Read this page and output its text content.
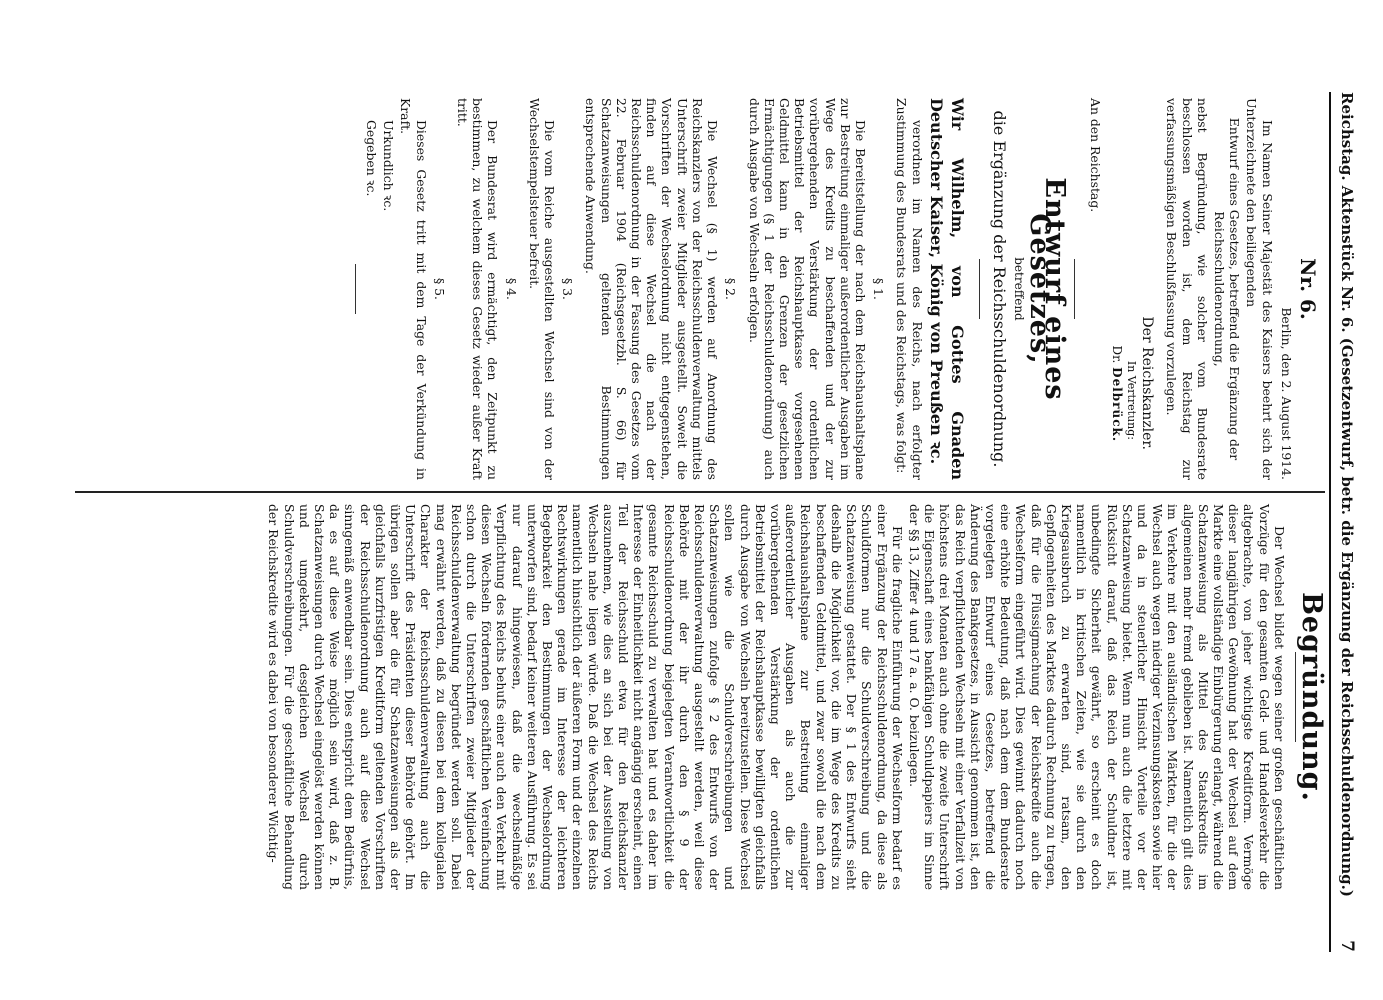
Reichstag. Aktenstück Nr. 6. (Gesetzentwurf, betr. die Ergänzung der Reichsschuldenordnung.)
7
Nr. 6.
Berlin, den 2. August 1914.

Im Namen Seiner Majestät des Kaisers beehrt sich der Unterzeichnete den beiliegenden

Entwurf eines Gesetzes, betreffend die Ergänzung der Reichsschuldenordnung,

nebst Begründung, wie solcher vom Bundesrate beschlossen worden ist, dem Reichstag zur verfassungsmäßigen Beschlußfassung vorzulegen.

Der Reichskanzler.
In Vertretung:
Dr. Delbrück.
An den Reichstag.
Entwurf eines Gesetzes,
betreffend
die Ergänzung der Reichsschuldenordnung.
Wir Wilhelm, von Gottes Gnaden Deutscher Kaiser, König von Preußen ꝛc.

verordnen im Namen des Reichs, nach erfolgter Zustimmung des Bundesrats und des Reichstags, was folgt:

§ 1.

Die Bereitstellung der nach dem Reichshaushaltsplane zur Bestreitung einmaliger außerordentlicher Ausgaben im Wege des Kredits zu beschaffenden und der zur vorübergehenden Verstärkung der ordentlichen Betriebsmittel der Reichshauptkasse vorgesehenen Geldmittel kann in den Grenzen der gesetzlichen Ermächtigungen (§ 1 der Reichsschuldenordnung) auch durch Ausgabe von Wechseln erfolgen.

§ 2.

Die Wechsel (§ 1) werden auf Anordnung des Reichskanzlers von der Reichsschuldenverwaltung mittels Unterschrift zweier Mitglieder ausgestellt. Soweit die Vorschriften der Wechselordnung nicht entgegenstehen, finden auf diese Wechsel die nach der Reichsschuldenordnung in der Fassung des Gesetzes vom 22. Februar 1904 (Reichsgesetzbl. S. 66) für Schatzanweisungen geltenden Bestimmungen entsprechende Anwendung.

§ 3.

Die vom Reiche ausgestellten Wechsel sind von der Wechselstempelsteuer befreit.

§ 4.

Der Bundesrat wird ermächtigt, den Zeitpunkt zu bestimmen, zu welchem dieses Gesetz wieder außer Kraft tritt.

§ 5.

Dieses Gesetz tritt mit dem Tage der Verkündung in Kraft.

Urkundlich ꝛc.

Gegeben ꝛc.

Begründung.

Der Wechsel bildet wegen seiner großen geschäftlichen Vorzüge für den gesamten Geld- und Handelsverkehr die altgebrachte, von jeher wichtigste Kreditform. Vermöge dieser langjährigen Gewöhnung hat der Wechsel auf dem Markte eine vollständige Einbürgerung erlangt, während die Schatzanweisung als Mittel des Staatskredits im allgemeinen mehr fremd geblieben ist. Namentlich gilt dies im Verkehre mit den ausländischen Märkten, für die der Wechsel auch wegen niedriger Verzinsungskosten sowie hier und da in steuerlicher Hinsicht Vorteile vor der Schatzanweisung bietet. Wenn nun auch die letztere mit Rücksicht darauf, daß das Reich der Schuldner ist, unbedingte Sicherheit gewährt, so erscheint es doch namentlich in kritischen Zeiten, wie sie durch den Kriegsausbruch zu erwarten sind, ratsam, den Gepflogenheiten des Marktes dadurch Rechnung zu tragen, daß für die Flüssigmachung der Reichskredite auch die Wechselform eingeführt wird. Dies gewinnt dadurch noch eine erhöhte Bedeutung, daß nach dem dem Bundesrate vorgelegten Entwurf eines Gesetzes, betreffend die Änderung des Bankgesetzes, in Aussicht genommen ist, den das Reich verpflichtenden Wechseln mit einer Verfallzeit von höchstens drei Monaten auch ohne die zweite Unterschrift die Eigenschaft eines bankfähigen Schuldpapiers im Sinne der §§ 13, Ziffer 4 und 17 a. a. O. beizulegen.

Für die fragliche Einführung der Wechselform bedarf es einer Ergänzung der Reichsschuldenordnung, da diese als Schuldformen nur die Schuldverschreibung und die Schatzanweisung gestattet. Der § 1 des Entwurfs sieht deshalb die Möglichkeit vor, die im Wege des Kredits zu beschaffenden Geldmittel, und zwar sowohl die nach dem Reichshaushaltsplane zur Bestreitung einmaliger außerordentlicher Ausgaben als auch die zur vorübergehenden Verstärkung der ordentlichen Betriebsmittel der Reichshauptkasse bewilligten gleichfalls durch Ausgabe von Wechseln bereitzustellen. Diese Wechsel sollen wie die Schuldverschreibungen und Schatzanweisungen zufolge § 2 des Entwurfs von der Reichsschuldenverwaltung ausgestellt werden, weil diese Behörde mit der ihr durch den § 9 der Reichsschuldenordnung beigelegten Verantwortlichkeit die gesamte Reichsschuld zu verwalten hat und es daher im Interesse der Einheitlichkeit nicht angängig erscheint, einen Teil der Reichsschuld etwa für den Reichskanzler auszunehmen, wie dies an sich bei der Ausstellung von Wechseln nahe liegen würde. Daß die Wechsel des Reichs namentlich hinsichtlich der äußeren Form und der einzelnen Rechtswirkungen gerade im Interesse der leichteren Begebbarkeit den Bestimmungen der Wechselordnung unterworfen sind, bedarf keiner weiteren Ausführung. Es sei nur darauf hingewiesen, daß die wechselmäßige Verpflichtung des Reichs behufs einer auch den Verkehr mit diesen Wechseln fördernden geschäftlichen Vereinfachung schon durch die Unterschriften zweier Mitglieder der Reichsschuldenverwaltung begründet werden soll. Dabei mag erwähnt werden, daß zu diesen bei dem kollegialen Charakter der Reichsschuldenverwaltung auch die Unterschrift des Präsidenten dieser Behörde gehört. Im übrigen sollen aber die für Schatzanweisungen als der gleichfalls kurzfristigen Kreditform geltenden Vorschriften der Reichsschuldenordnung auch auf diese Wechsel sinngemäß anwendbar sein. Dies entspricht dem Bedürfnis, da es auf diese Weise möglich sein wird, daß z. B. Schatzanweisungen durch Wechsel eingelöst werden können und umgekehrt, desgleichen Wechsel durch Schuldverschreibungen. Für die geschäftliche Behandlung der Reichskredite wird es dabei von besonderer Wichtig-
